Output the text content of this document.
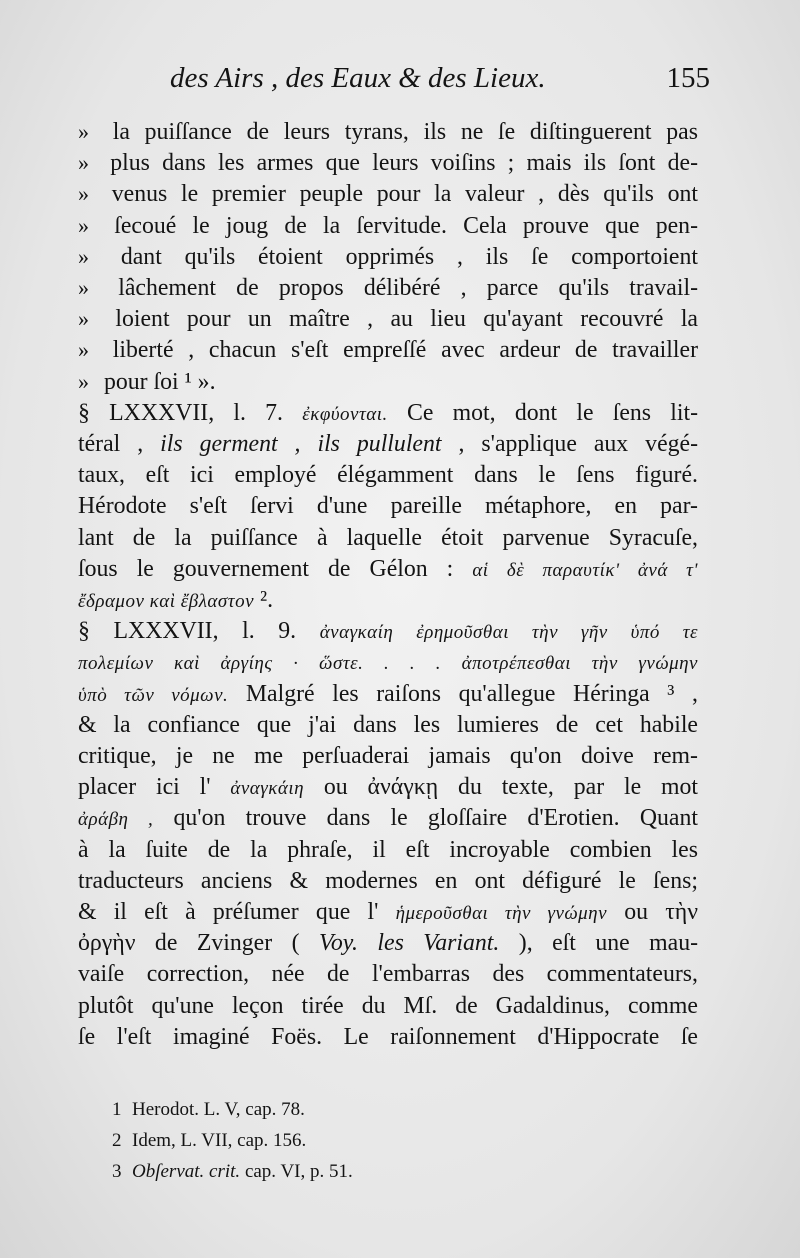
des Airs , des Eaux & des Lieux.	155
» la puiſſance de leurs tyrans, ils ne ſe diſtinguerent pas
» plus dans les armes que leurs voiſins ; mais ils ſont de-
» venus le premier peuple pour la valeur , dès qu'ils ont
» ſecoué le joug de la ſervitude. Cela prouve que pen-
» dant qu'ils étoient opprimés , ils ſe comportoient
» lâchement de propos délibéré , parce qu'ils travail-
» loient pour un maître , au lieu qu'ayant recouvré la
» liberté , chacun s'eſt empreſſé avec ardeur de travailler
» pour ſoi ¹ ».
§ LXXXVII, l. 7. ἐκφύονται. Ce mot, dont le ſens lit-
téral , ils germent , ils pullulent , s'applique aux végé-
taux, eſt ici employé élégamment dans le ſens figuré.
Hérodote s'eſt ſervi d'une pareille métaphore, en par-
lant de la puiſſance à laquelle étoit parvenue Syracuſe,
ſous le gouvernement de Gélon : αἱ δὲ παραυτίκ' ἀνά τ'
ἔδραμον καὶ ἔβλαστον ².
§ LXXXVII, l. 9. ἀναγκαίη ἐρημοῦσθαι τὴν γῆν ὑπό τε
πολεμίων καὶ ἀργίης · ὥστε. . . . ἀποτρέπεσθαι τὴν γνώμην
ὑπὸ τῶν νόμων. Malgré les raiſons qu'allegue Héringa ³ ,
& la confiance que j'ai dans les lumieres de cet habile
critique, je ne me perſuaderai jamais qu'on doive rem-
placer ici l' ἀναγκάιη ou ἀνάγκῃ du texte, par le mot
ἀράβη , qu'on trouve dans le gloſſaire d'Erotien. Quant
à la ſuite de la phraſe, il eſt incroyable combien les
traducteurs anciens & modernes en ont défiguré le ſens;
& il eſt à préſumer que l' ἡμεροῦσθαι τὴν γνώμην ou τὴν
ὀργὴν de Zvinger ( Voy. les Variant. ), eſt une mau-
vaiſe correction, née de l'embarras des commentateurs,
plutôt qu'une leçon tirée du Mſ. de Gadaldinus, comme
ſe l'eſt imaginé Foës. Le raiſonnement d'Hippocrate ſe
1 Herodot. L. V, cap. 78.
2 Idem, L. VII, cap. 156.
3 Obſervat. crit. cap. VI, p. 51.
